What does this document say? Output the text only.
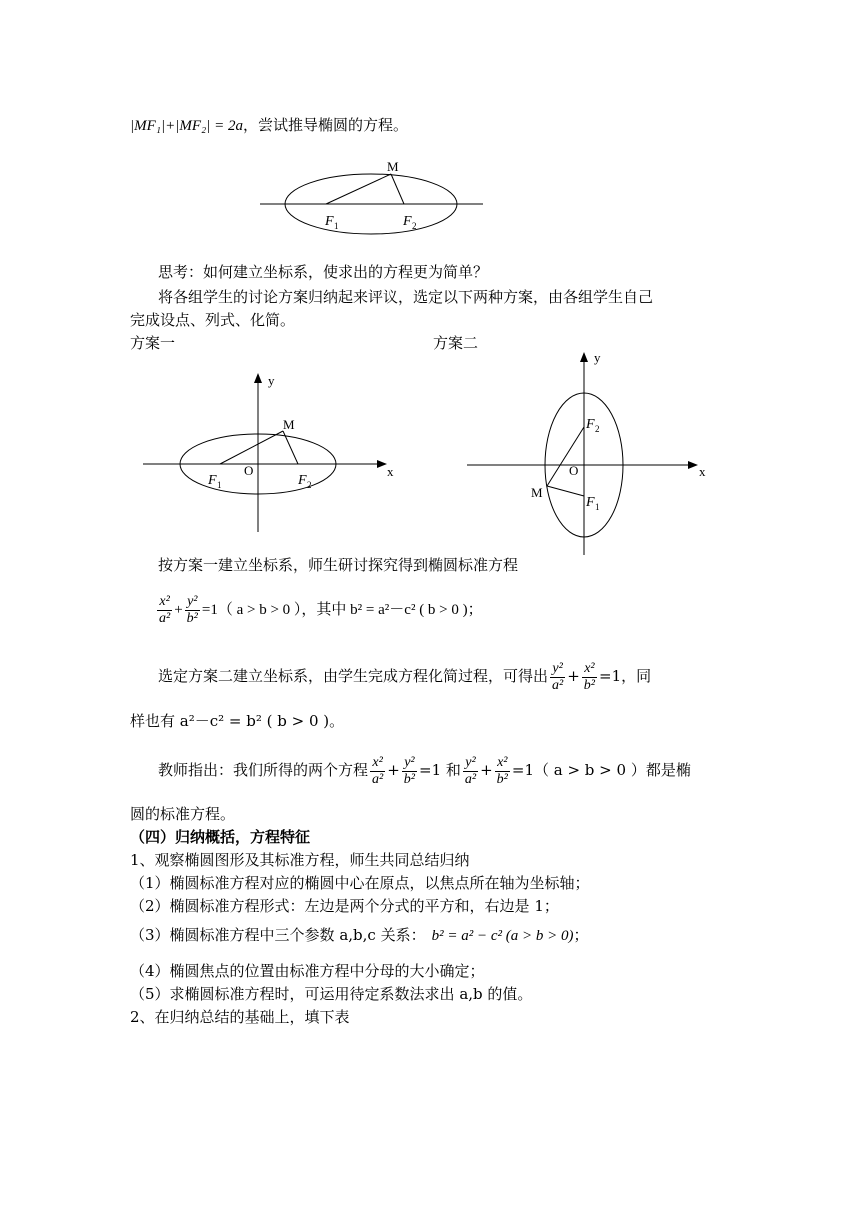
|MF₁|+|MF₂| = 2a，尝试推导椭圆的方程。
M
F 1	F 2
思考：如何建立坐标系，使求出的方程更为简单？
将各组学生的讨论方案归纳起来评议，选定以下两种方案，由各组学生自己
完成设点、列式、化简。
方案一	方案二
y
x
O
M
F 1	F 2
y
x
O
M
F 2
F 1
按方案一建立坐标系，师生研讨探究得到椭圆标准方程
$\frac{\text{x²}}{\text{a²}} + \frac{\text{y²}}{\text{b²}} =1$（ a > b > 0 ），其中 b² = a²－c² ( b > 0 )；
选定方案二建立坐标系，由学生完成方程化简过程，可得出 $\frac{\text{y²}}{\text{a²}} + \frac{\text{x²}}{\text{b²}} =1$，同
样也有 a²－c² = b² ( b > 0 )。
教师指出：我们所得的两个方程 $\frac{\text{x²}}{\text{a²}} + \frac{\text{y²}}{\text{b²}} =1$ 和 $\frac{\text{y²}}{\text{a²}} + \frac{\text{x²}}{\text{b²}} =1$（ a > b > 0 ）都是椭
圆的标准方程。
（四）归纳概括，方程特征
1、观察椭圆图形及其标准方程，师生共同总结归纳
（1）椭圆标准方程对应的椭圆中心在原点，以焦点所在轴为坐标轴；
（2）椭圆标准方程形式：左边是两个分式的平方和，右边是 1；
（3）椭圆标准方程中三个参数 a,b,c 关系： b² = a² − c² (a > b > 0)；
（4）椭圆焦点的位置由标准方程中分母的大小确定；
（5）求椭圆标准方程时，可运用待定系数法求出 a,b 的值。
2、在归纳总结的基础上，填下表
